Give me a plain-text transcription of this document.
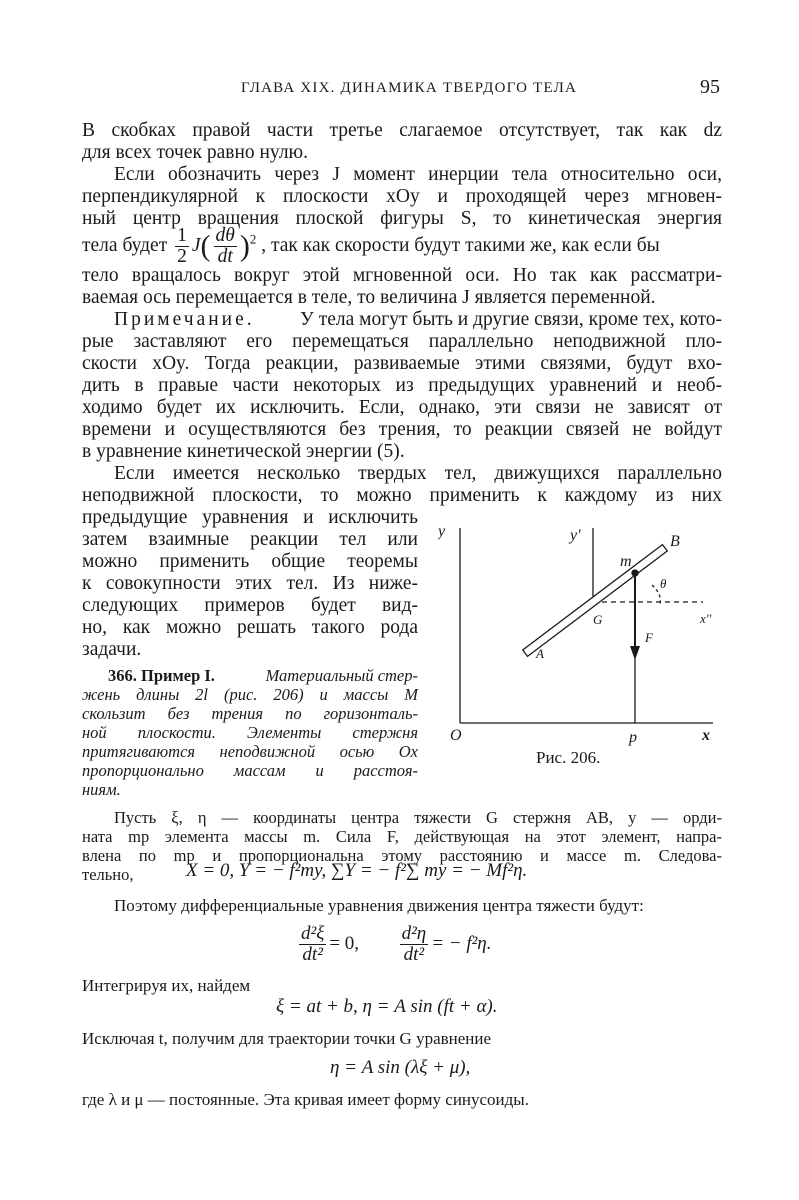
ГЛАВА XIX. ДИНАМИКА ТВЕРДОГО ТЕЛА	95
В скобках правой части третье слагаемое отсутствует, так как dz
для всех точек равно нулю.
Если обозначить через J момент инерции тела относительно оси,
перпендикулярной к плоскости xOy и проходящей через мгновен-
ный центр вращения плоской фигуры S, то кинетическая энергия
тела будет $\frac{1}{2} J( \frac{d\theta}{dt} )^2$ , так как скорости будут такими же, как если бы
тело вращалось вокруг этой мгновенной оси. Но так как рассматри-
ваемая ось перемещается в теле, то величина J является переменной.
Примечание. У тела могут быть и другие связи, кроме тех, кото-
рые заставляют его перемещаться параллельно неподвижной пло-
скости xOy. Тогда реакции, развиваемые этими связями, будут вхо-
дить в правые части некоторых из предыдущих уравнений и необ-
ходимо будет их исключить. Если, однако, эти связи не зависят от
времени и осуществляются без трения, то реакции связей не войдут
в уравнение кинетической энергии (5).
Если имеется несколько твердых тел, движущихся параллельно
неподвижной плоскости, то можно применить к каждому из них
предыдущие уравнения и исключить
затем взаимные реакции тел или
можно применить общие теоремы
к совокупности этих тел. Из ниже-
следующих примеров будет вид-
но, как можно решать такого рода
задачи.
366. Пример I.	Материальный стер-
жень длины 2l (рис. 206) и массы M
скользит без трения по горизонталь-
ной плоскости. Элементы стержня
притягиваются неподвижной осью Ox
пропорционально массам и расстоя-
ниям.
y	y'	B
m
θ
G	x''
F
A
O	p	x
Рис. 206.
Пусть ξ, η — координаты центра тяжести G стержня AB, y — орди-
ната mp элемента массы m. Сила F, действующая на этот элемент, напра-
влена по mp и пропорциональна этому расстоянию и массе m. Следова-
тельно,	X = 0, Y = − f²my, ∑Y = − f²∑ my = − Mf²η.
Поэтому дифференциальные уравнения движения центра тяжести будут:
$\frac{\text{d²ξ}}{\text{dt²}} = 0$, $\frac{\text{d²η}}{\text{dt²}}$ = − f²η.
Интегрируя их, найдем
ξ = at + b, η = A sin (ft + α).
Исключая t, получим для траектории точки G уравнение
η = A sin (λξ + μ),
где λ и μ — постоянные. Эта кривая имеет форму синусоиды.
